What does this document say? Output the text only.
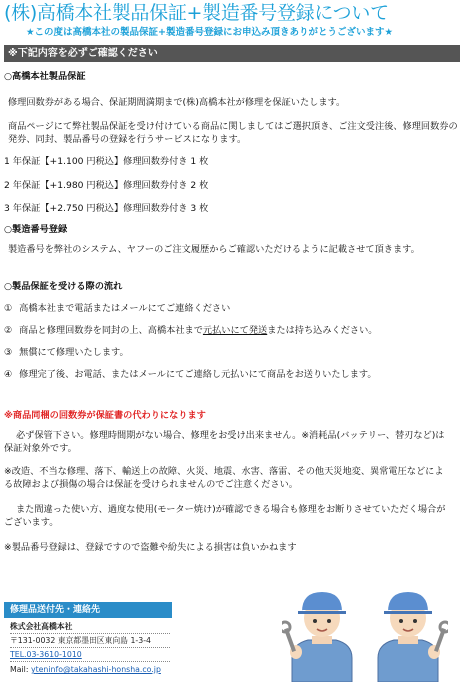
(株)高橋本社製品保証+製造番号登録について
★この度は高橋本社の製品保証+製造番号登録にお申込み頂きありがとうございます★
※下記内容を必ずご確認ください
○高橋本社製品保証
修理回数券がある場合、保証期間満期まで(株)高橋本社が修理を保証いたします。
商品ページにて弊社製品保証を受け付けている商品に関しましてはご選択頂き、ご注文受注後、修理回数券の発券、同封、製品番号の登録を行うサービスになります。
1 年保証【+1.100 円税込】修理回数券付き 1 枚
2 年保証【+1.980 円税込】修理回数券付き 2 枚
3 年保証【+2.750 円税込】修理回数券付き 3 枚
○製造番号登録
製造番号を弊社のシステム、ヤフーのご注文履歴からご確認いただけるように記載させて頂きます。
○製品保証を受ける際の流れ
① 高橋本社まで電話またはメールにてご連絡ください
② 商品と修理回数券を同封の上、高橋本社まで元払いにて発送または持ち込みください。
③ 無償にて修理いたします。
④ 修理完了後、お電話、またはメールにてご連絡し元払いにて商品をお送りいたします。
※商品同梱の回数券が保証書の代わりになります
必ず保管下さい。修理時間期がない場合、修理をお受け出来ません。※消耗品(バッテリー、替刃など)は保証対象外です。
※改造、不当な修理、落下、輸送上の故障、火災、地震、水害、落雷、その他天災地変、異常電圧などによる故障および損傷の場合は保証を受けられませんのでご注意ください。
また間違った使い方、過度な使用(モーター焼け)が確認できる場合も修理をお断りさせていただく場合がございます。
※製品番号登録は、登録ですので盗難や紛失による損害は負いかねます
修理品送付先・連絡先
株式会社高橋本社
〒131-0032 東京都墨田区東向島 1-3-4
TEL.03-3610-1010
Mail: yteninfo@takahashi-honsha.co.jp
